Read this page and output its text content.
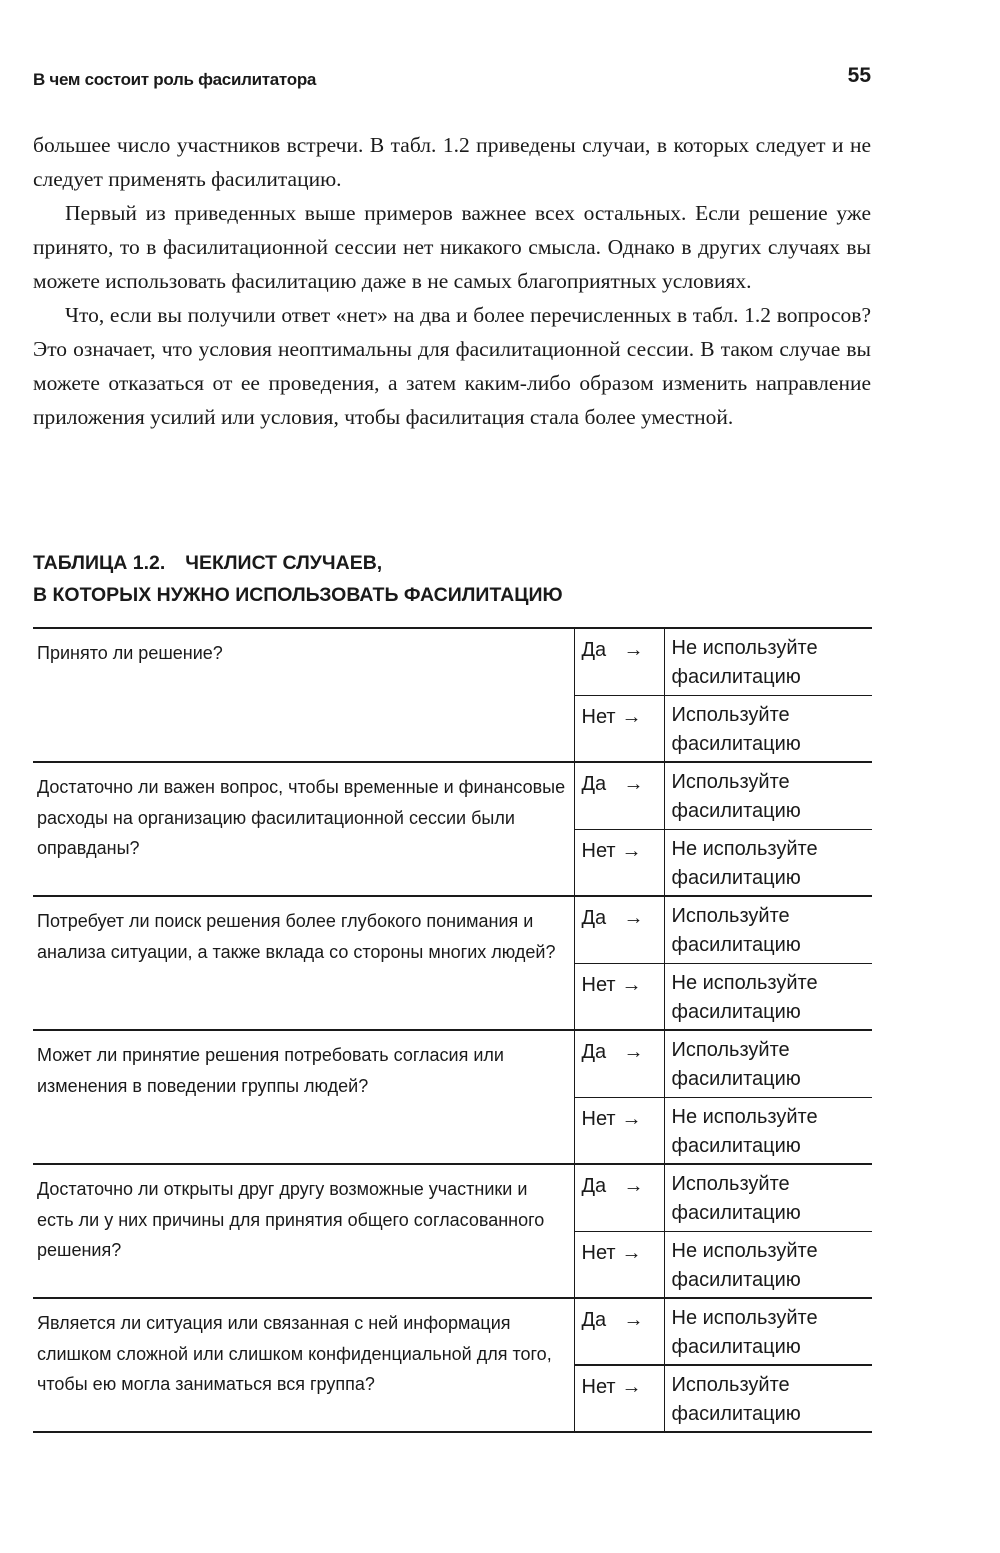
В чем состоит роль фасилитатора	55

большее число участников встречи. В табл. 1.2 приведены случаи, в которых следует и не следует применять фасилитацию.

Первый из приведенных выше примеров важнее всех остальных. Если решение уже принято, то в фасилитационной сессии нет никакого смысла. Однако в других случаях вы можете использовать фасилитацию даже в не самых благоприятных условиях.

Что, если вы получили ответ «нет» на два и более перечисленных в табл. 1.2 вопросов? Это означает, что условия неоптимальны для фасилитационной сессии. В таком случае вы можете отказаться от ее проведения, а затем каким-либо образом изменить направление приложения усилий или условия, чтобы фасилитация стала более уместной.

ТАБЛИЦА 1.2. ЧЕКЛИСТ СЛУЧАЕВ,
В КОТОРЫХ НУЖНО ИСПОЛЬЗОВАТЬ ФАСИЛИТАЦИЮ
Принято ли решение?	Да →	Не используйте фасилитацию
	Нет →	Используйте фасилитацию
Достаточно ли важен вопрос, чтобы временные и финансовые расходы на организацию фасилитационной сессии были оправданы?	Да →	Используйте фасилитацию
	Нет →	Не используйте фасилитацию
Потребует ли поиск решения более глубокого понимания и анализа ситуации, а также вклада со стороны многих людей?	Да →	Используйте фасилитацию
	Нет →	Не используйте фасилитацию
Может ли принятие решения потребовать согласия или изменения в поведении группы людей?	Да →	Используйте фасилитацию
	Нет →	Не используйте фасилитацию
Достаточно ли открыты друг другу возможные участники и есть ли у них причины для принятия общего согласованного решения?	Да →	Используйте фасилитацию
	Нет →	Не используйте фасилитацию
Является ли ситуация или связанная с ней информация слишком сложной или слишком конфиденциальной для того, чтобы ею могла заниматься вся группа?	Да →	Не используйте фасилитацию
	Нет →	Используйте фасилитацию
